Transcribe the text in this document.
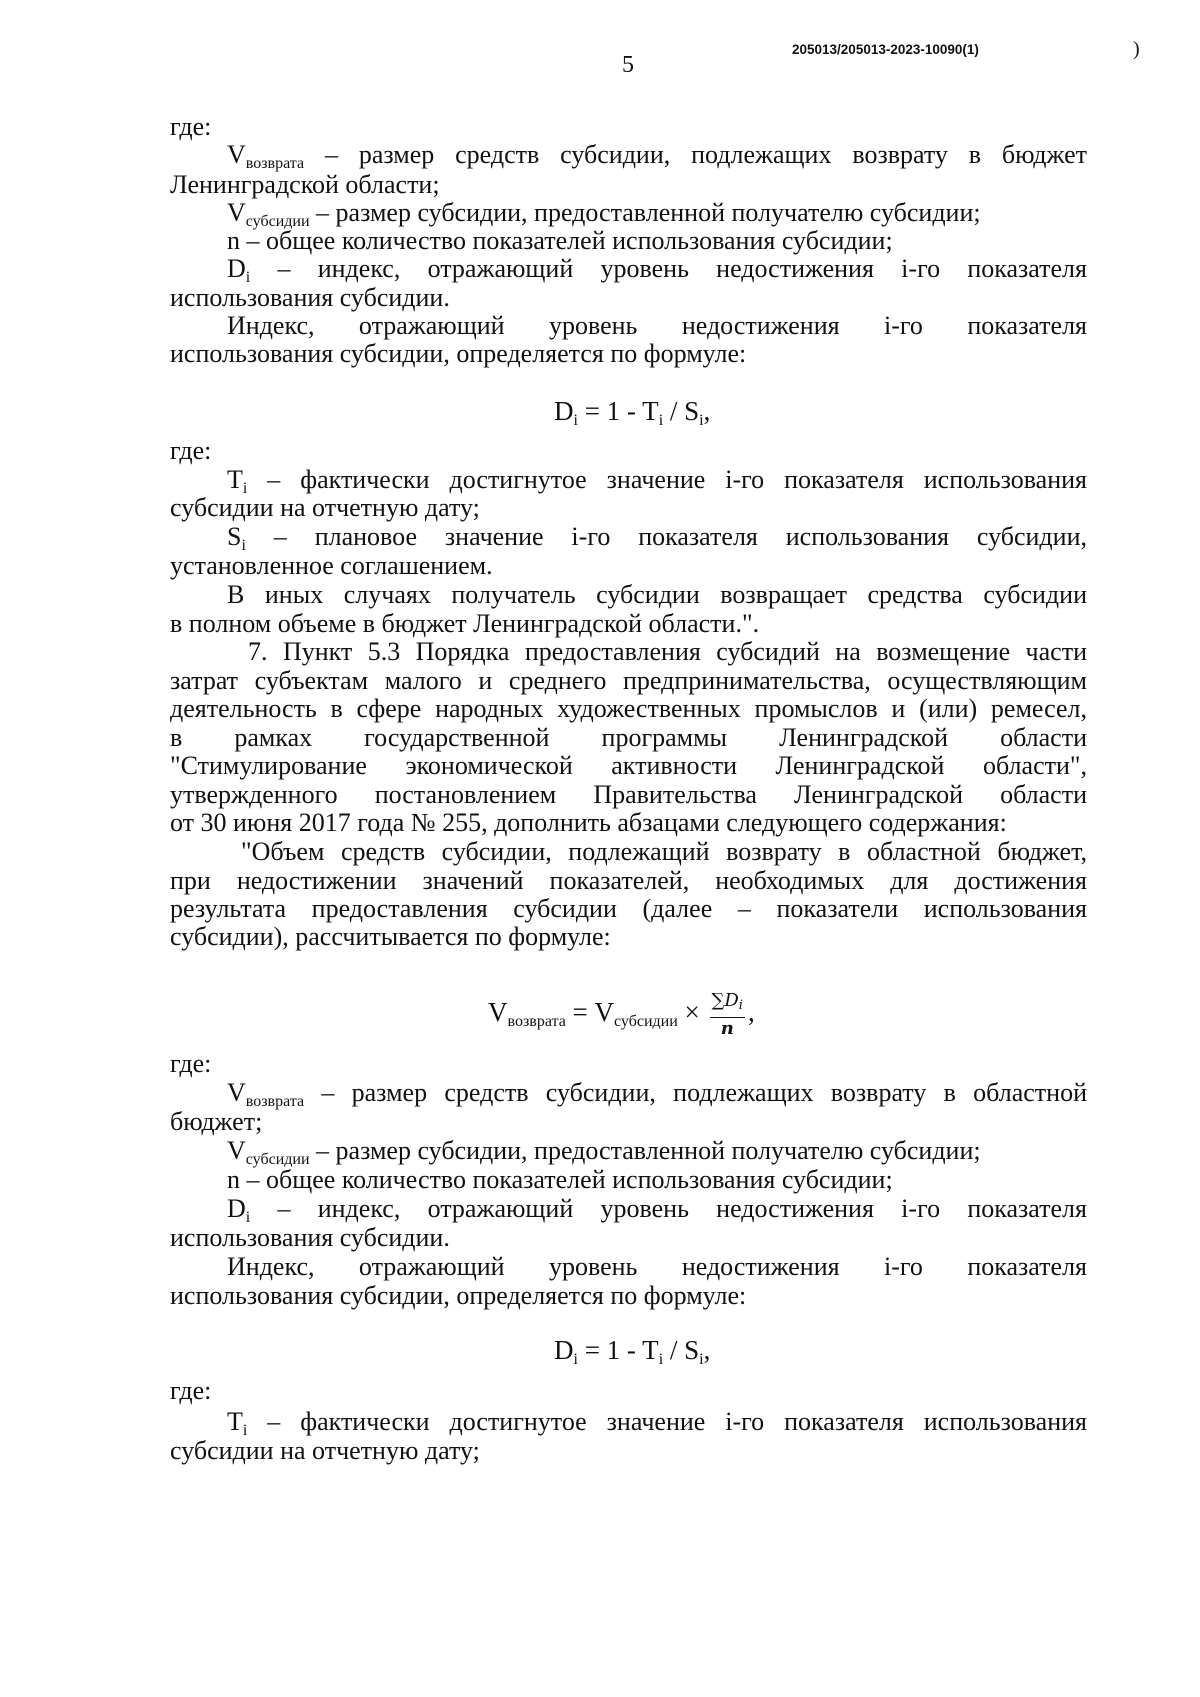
5
205013/205013-2023-10090(1)	)
где:
$V_{возврата}$ – размер средств субсидии, подлежащих возврату в бюджет
Ленинградской области;
$V_{субсидии}$ – размер субсидии, предоставленной получателю субсидии;
n – общее количество показателей использования субсидии;
$D_i$ – индекс, отражающий уровень недостижения i-го показателя
использования субсидии.
Индекс, отражающий уровень недостижения i-го показателя
использования субсидии, определяется по формуле:
$D_i = 1 - T_i / S_i$,
где:
$T_i$ – фактически достигнутое значение i-го показателя использования
субсидии на отчетную дату;
$S_i$ – плановое значение i-го показателя использования субсидии,
установленное соглашением.
В иных случаях получатель субсидии возвращает средства субсидии
в полном объеме в бюджет Ленинградской области.".
7. Пункт 5.3 Порядка предоставления субсидий на возмещение части
затрат субъектам малого и среднего предпринимательства, осуществляющим
деятельность в сфере народных художественных промыслов и (или) ремесел,
в рамках государственной программы Ленинградской области
"Стимулирование экономической активности Ленинградской области",
утвержденного постановлением Правительства Ленинградской области
от 30 июня 2017 года № 255, дополнить абзацами следующего содержания:
"Объем средств субсидии, подлежащий возврату в областной бюджет,
при недостижении значений показателей, необходимых для достижения
результата предоставления субсидии (далее – показатели использования
субсидии), рассчитывается по формуле:
$V_{возврата} = V_{субсидии} \times \frac{\sum Di}{n}$ ,
где:
$V_{возврата}$ – размер средств субсидии, подлежащих возврату в областной
бюджет;
$V_{субсидии}$ – размер субсидии, предоставленной получателю субсидии;
n – общее количество показателей использования субсидии;
$D_i$ – индекс, отражающий уровень недостижения i-го показателя
использования субсидии.
Индекс, отражающий уровень недостижения i-го показателя
использования субсидии, определяется по формуле:
$D_i = 1 - T_i / S_i$,
где:
$T_i$ – фактически достигнутое значение i-го показателя использования
субсидии на отчетную дату;
